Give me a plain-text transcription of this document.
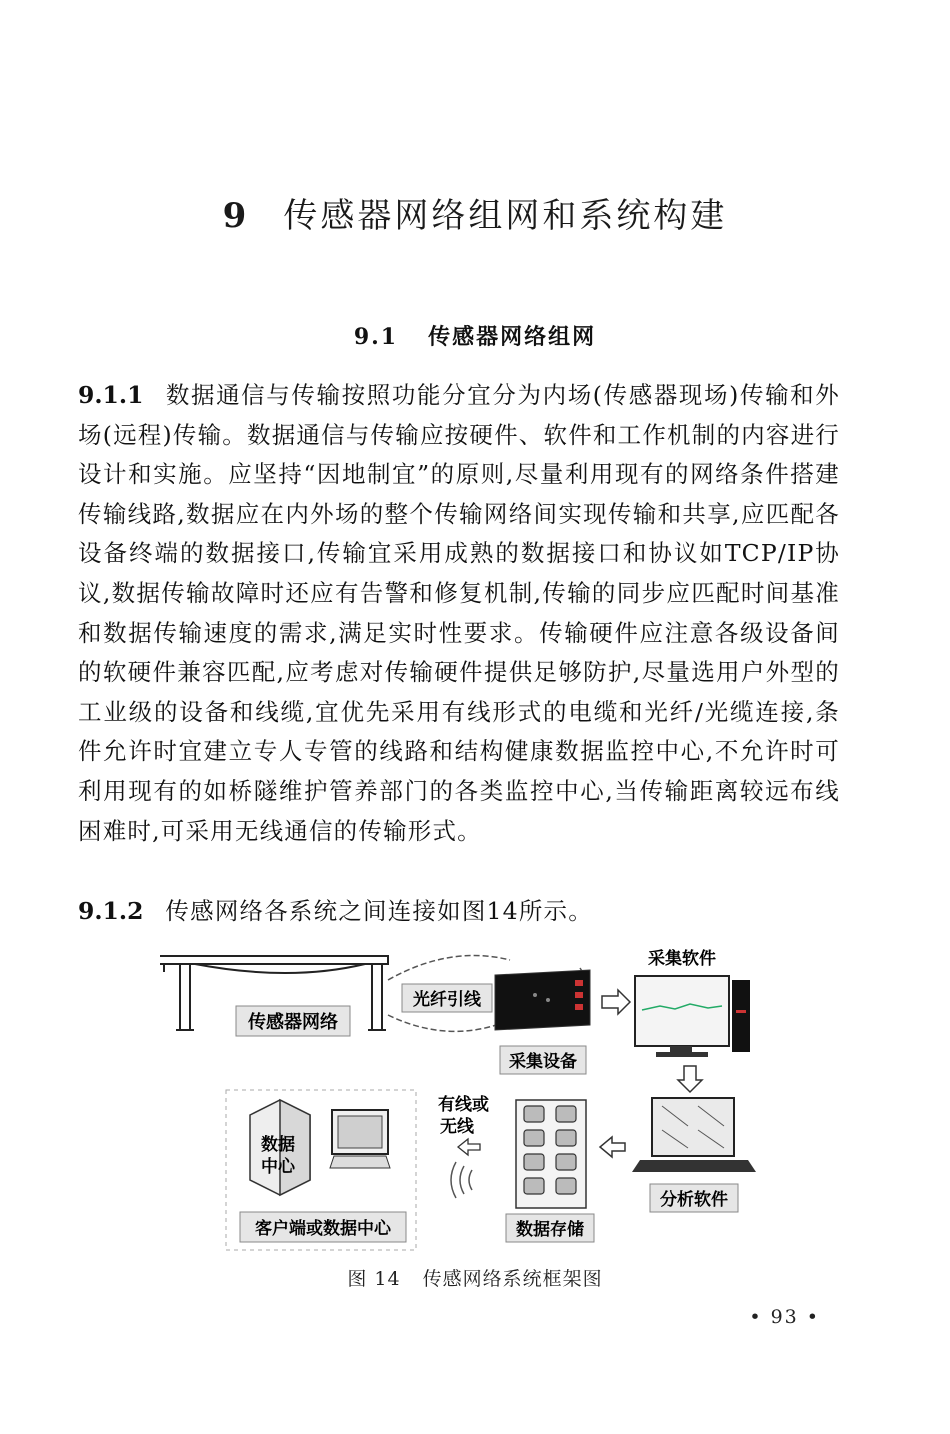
9 传感器网络组网和系统构建
9.1 传感器网络组网
9.1.1 数据通信与传输按照功能分宜分为内场(传感器现场)传输和外场(远程)传输。数据通信与传输应按硬件、软件和工作机制的内容进行设计和实施。应坚持“因地制宜”的原则,尽量利用现有的网络条件搭建传输线路,数据应在内外场的整个传输网络间实现传输和共享,应匹配各设备终端的数据接口,传输宜采用成熟的数据接口和协议如TCP/IP协议,数据传输故障时还应有告警和修复机制,传输的同步应匹配时间基准和数据传输速度的需求,满足实时性要求。传输硬件应注意各级设备间的软硬件兼容匹配,应考虑对传输硬件提供足够防护,尽量选用户外型的工业级的设备和线缆,宜优先采用有线形式的电缆和光纤/光缆连接,条件允许时宜建立专人专管的线路和结构健康数据监控中心,不允许时可利用现有的如桥隧维护管养部门的各类监控中心,当传输距离较远布线困难时,可采用无线通信的传输形式。
9.1.2 传感网络各系统之间连接如图14所示。
传感器网络
光纤引线
采集设备
采集软件
分析软件
数据存储
有线或
无线
数据
中心
客户端或数据中心
图 14 传感网络系统框架图
• 93 •
